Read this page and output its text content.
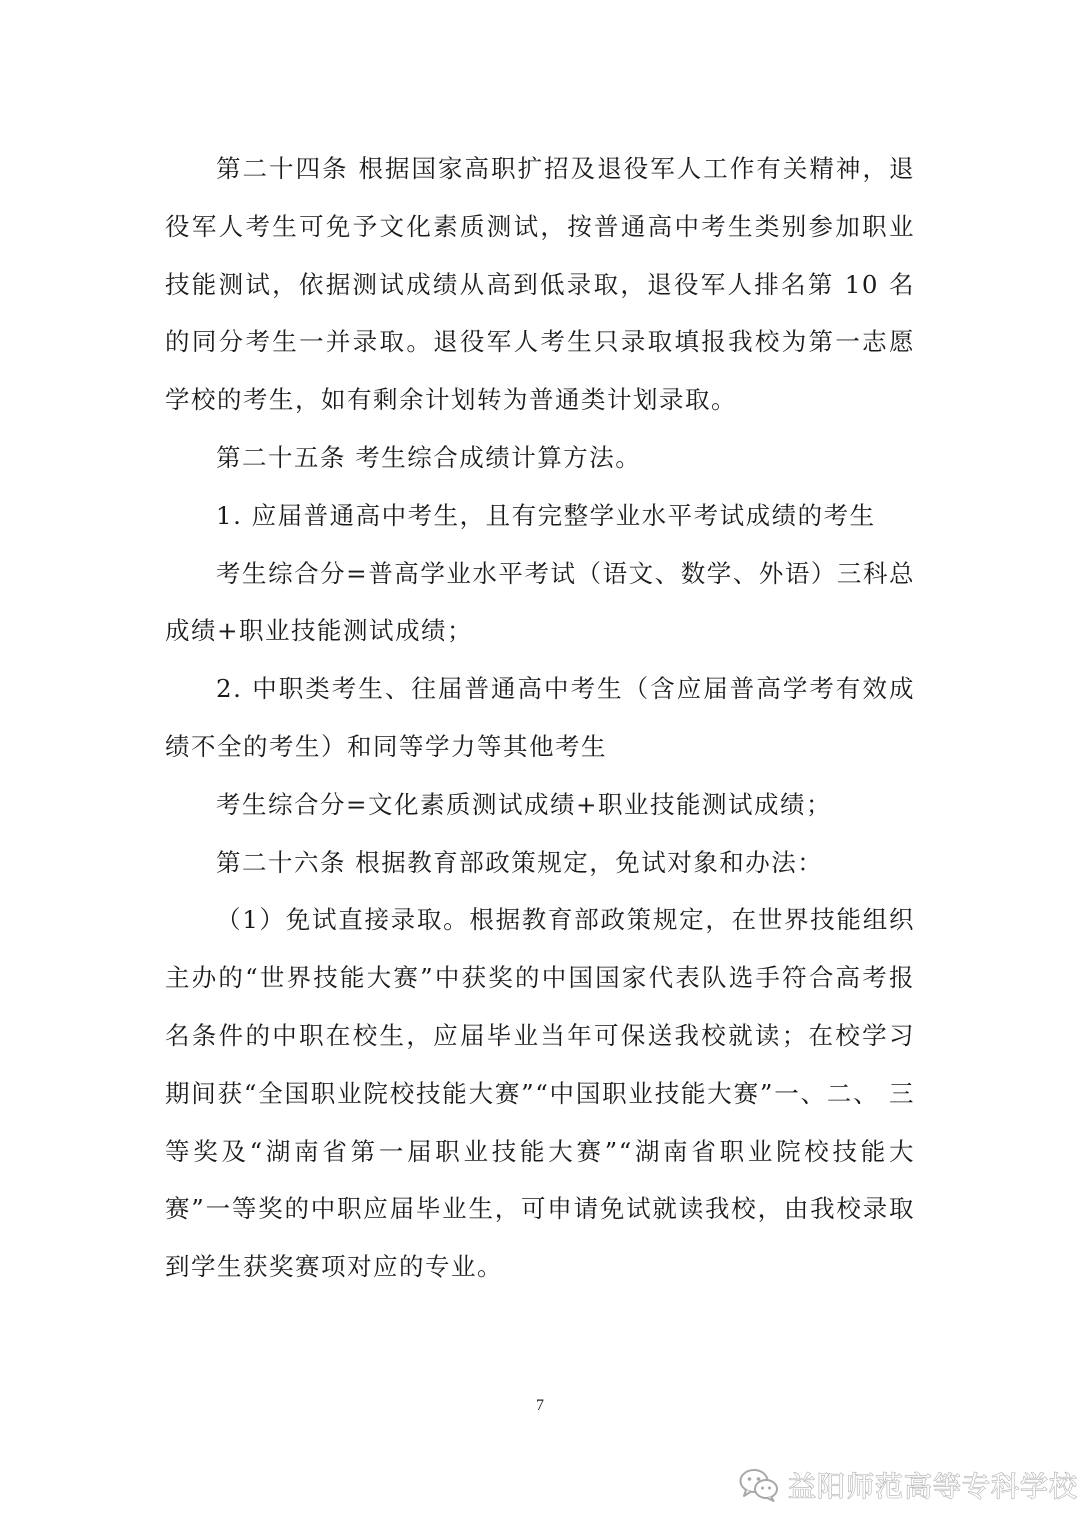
第二十四条 根据国家高职扩招及退役军人工作有关精神，退役军人考生可免予文化素质测试，按普通高中考生类别参加职业技能测试，依据测试成绩从高到低录取，退役军人排名第 10 名的同分考生一并录取。退役军人考生只录取填报我校为第一志愿学校的考生，如有剩余计划转为普通类计划录取。

第二十五条 考生综合成绩计算方法。

1. 应届普通高中考生，且有完整学业水平考试成绩的考生

考生综合分=普高学业水平考试（语文、数学、外语）三科总成绩+职业技能测试成绩；

2. 中职类考生、往届普通高中考生（含应届普高学考有效成绩不全的考生）和同等学力等其他考生

考生综合分=文化素质测试成绩+职业技能测试成绩；

第二十六条 根据教育部政策规定，免试对象和办法：

（1）免试直接录取。根据教育部政策规定，在世界技能组织主办的“世界技能大赛”中获奖的中国国家代表队选手符合高考报名条件的中职在校生，应届毕业当年可保送我校就读；在校学习期间获“全国职业院校技能大赛”“中国职业技能大赛”一、二、 三等奖及“湖南省第一届职业技能大赛”“湖南省职业院校技能大赛”一等奖的中职应届毕业生，可申请免试就读我校，由我校录取到学生获奖赛项对应的专业。

7
益阳师范高等专科学校
